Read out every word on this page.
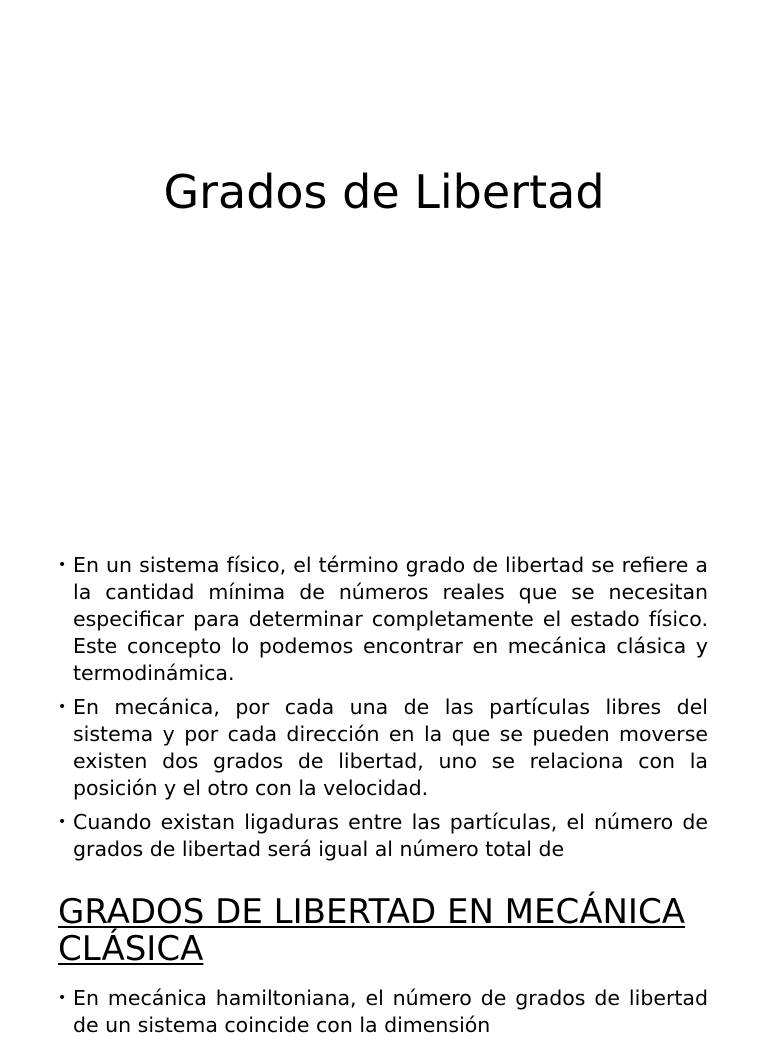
Grados de Libertad
• En un sistema físico, el término grado de libertad se refiere a la cantidad mínima de números reales que se necesitan especificar para determinar completamente el estado físico. Este concepto lo podemos encontrar en mecánica clásica y termodinámica.
• En mecánica, por cada una de las partículas libres del sistema y por cada dirección en la que se pueden moverse existen dos grados de libertad, uno se relaciona con la posición y el otro con la velocidad.
• Cuando existan ligaduras entre las partículas, el número de grados de libertad será igual al número total de
GRADOS DE LIBERTAD EN MECÁNICA CLÁSICA
• En mecánica hamiltoniana, el número de grados de libertad de un sistema coincide con la dimensión
